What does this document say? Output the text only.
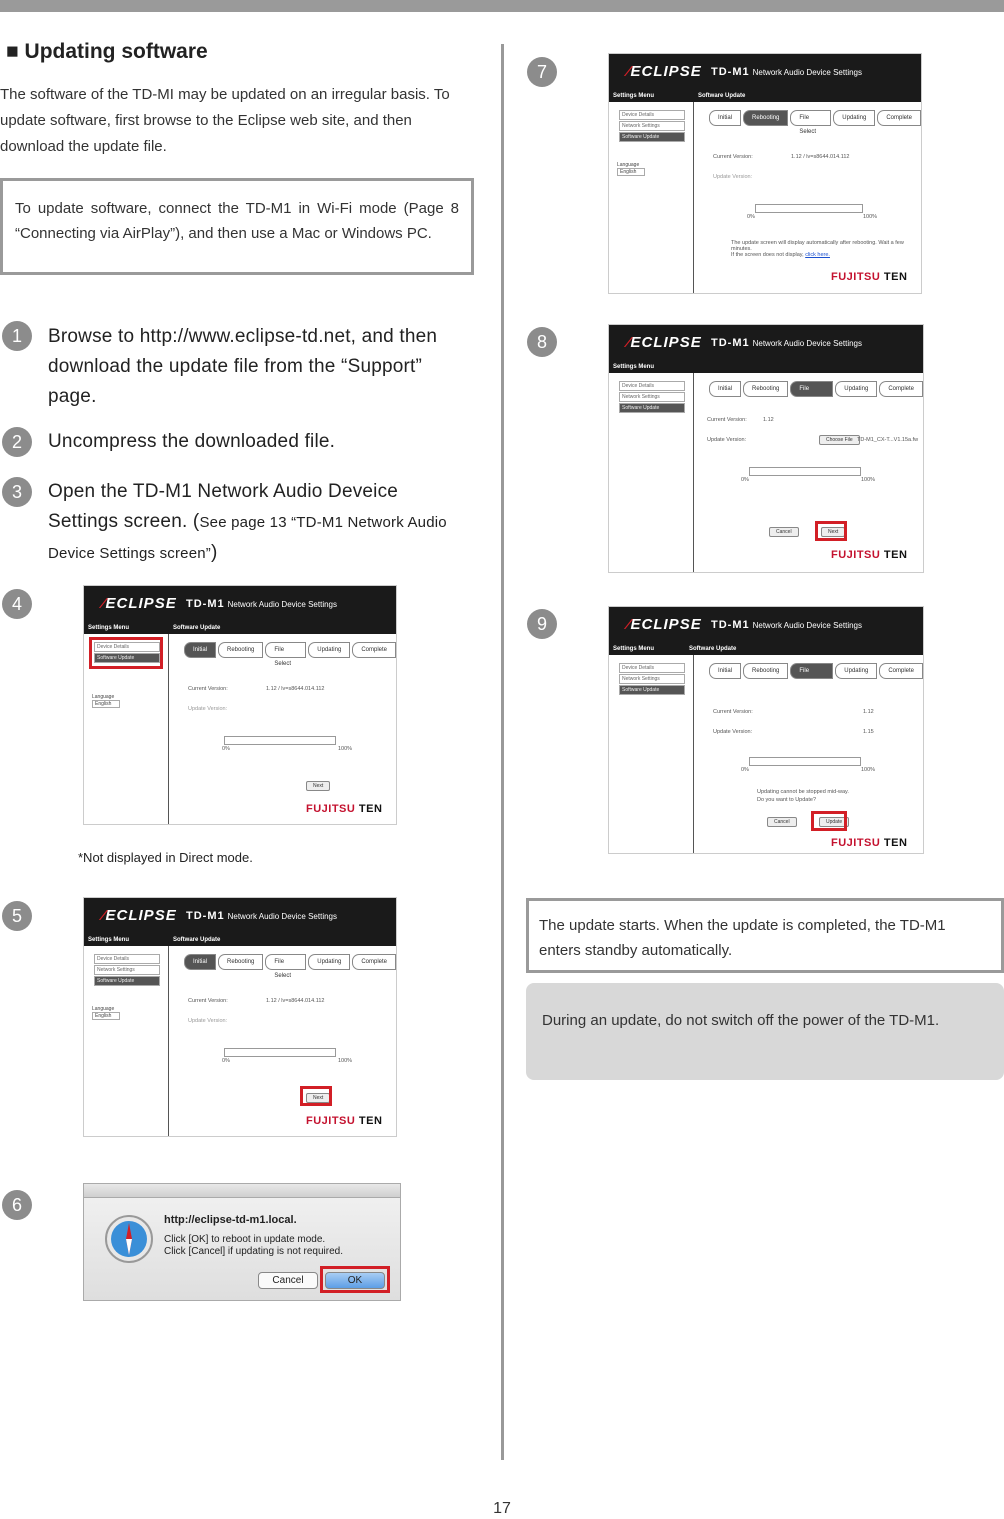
■ Updating software
The software of the TD-MI may be updated on an irregular basis. To update software, first browse to the Eclipse web site, and then download the update file.
To update software, connect the TD-M1 in Wi-Fi mode (Page 8 “Connecting via AirPlay”), and then use a Mac or Windows PC.
1	Browse to http://www.eclipse-td.net, and then download the update file from the “Support” page.
2	Uncompress the downloaded file.
3	Open the TD-M1 Network Audio Deveice Settings screen. (See page 13 “TD-M1 Network Audio Device Settings screen”)
4
5
6
⁄ECLIPSE TD-M1 Network Audio Device Settings
Settings Menu	Software Update
Device Details
Software Update
Language
English
Initial	Rebooting	File Select
Updating	Complete
Current Version:	1.12 / lv=s8644.014.112
Update Version:
0%	100%
Next
FUJITSU TEN
*Not displayed in Direct mode.
⁄ECLIPSE TD-M1 Network Audio Device Settings
Settings Menu	Software Update
Device Details
Network Settings
Software Update
Language
English
Initial	Rebooting	File Select
Updating	Complete
Current Version:	1.12 / lv=s8644.014.112
Update Version:
0%	100%
Next
FUJITSU TEN
http://eclipse-td-m1.local.
Click [OK] to reboot in update mode.
Click [Cancel] if updating is not required.
Cancel	OK
7
8
9
⁄ECLIPSE TD-M1 Network Audio Device Settings
Settings Menu	Software Update
Device Details
Network Settings
Software Update
Language
English
Initial	Rebooting	File Select
Updating	Complete
Current Version:	1.12 / lv=s8644.014.112
Update Version:
0%	100%
The update screen will display automatically after rebooting. Wait a few minutes.
If the screen does not display, click here.
FUJITSU TEN
⁄ECLIPSE TD-M1 Network Audio Device Settings
Settings Menu
Device Details
Network Settings
Software Update
Initial	Rebooting	File Select
Updating	Complete
Current Version:	1.12
Update Version:	Choose File TD-M1_CX-T...V1.15a.fw
0%	100%
Cancel	Next
FUJITSU TEN
⁄ECLIPSE TD-M1 Network Audio Device Settings
Settings Menu	Software Update
Device Details
Network Settings
Software Update
Initial	Rebooting	File Select
Updating	Complete
Current Version:	1.12
Update Version:	1.15
0%	100%
Updating cannot be stopped mid-way.
Do you want to Update?
Cancel	Update
FUJITSU TEN
The update starts. When the update is completed, the TD-M1 enters standby automatically.
During an update, do not switch off the power of the TD-M1.
17
